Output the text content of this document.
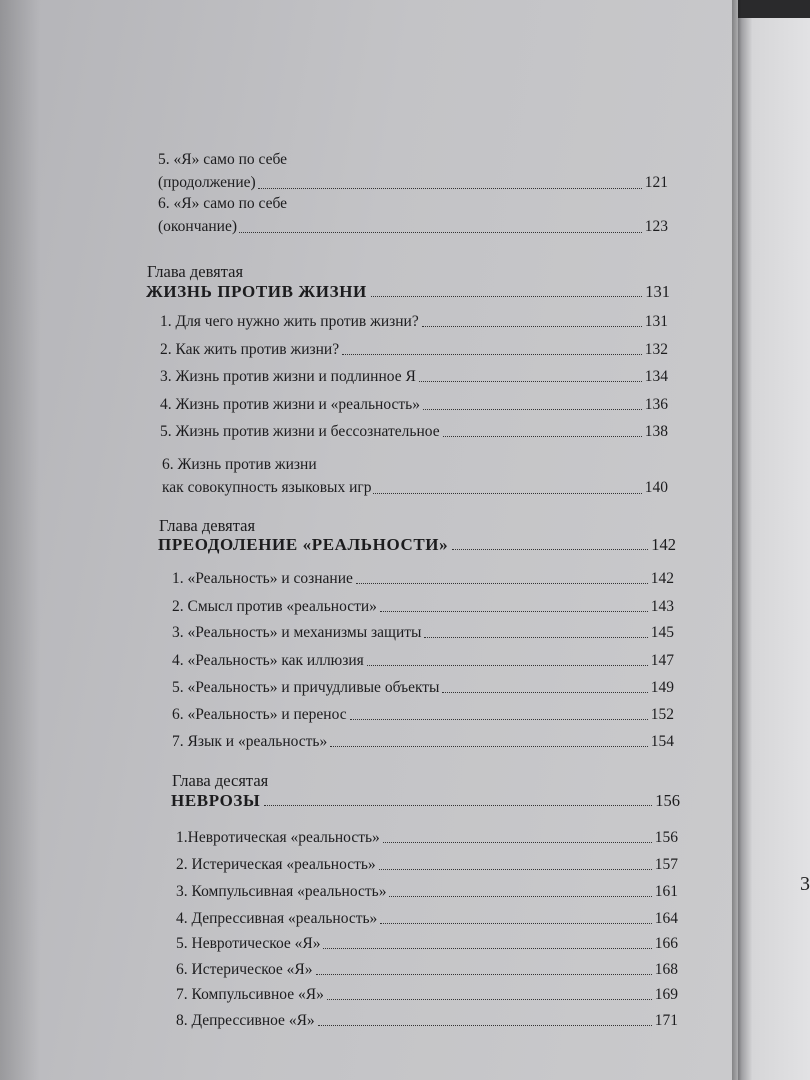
3
5. «Я» само по себе
(продолжение)	121
6. «Я» само по себе
(окончание)	123
Глава девятая
ЖИЗНЬ ПРОТИВ ЖИЗНИ	131
1. Для чего нужно жить против жизни?	131
2. Как жить против жизни?	132
3. Жизнь против жизни и подлинное Я	134
4. Жизнь против жизни и «реальность»	136
5. Жизнь против жизни и бессознательное	138
6. Жизнь против жизни
как совокупность языковых игр	140
Глава девятая
ПРЕОДОЛЕНИЕ «РЕАЛЬНОСТИ»	142
1. «Реальность» и сознание	142
2. Смысл против «реальности»	143
3. «Реальность» и механизмы защиты	145
4. «Реальность» как иллюзия	147
5. «Реальность» и причудливые объекты	149
6. «Реальность» и перенос	152
7. Язык и «реальность»	154
Глава десятая
НЕВРОЗЫ	156
1.Невротическая «реальность»	156
2. Истерическая «реальность»	157
3. Компульсивная «реальность»	161
4. Депрессивная «реальность»	164
5. Невротическое «Я»	166
6. Истерическое «Я»	168
7. Компульсивное «Я»	169
8. Депрессивное «Я»	171
